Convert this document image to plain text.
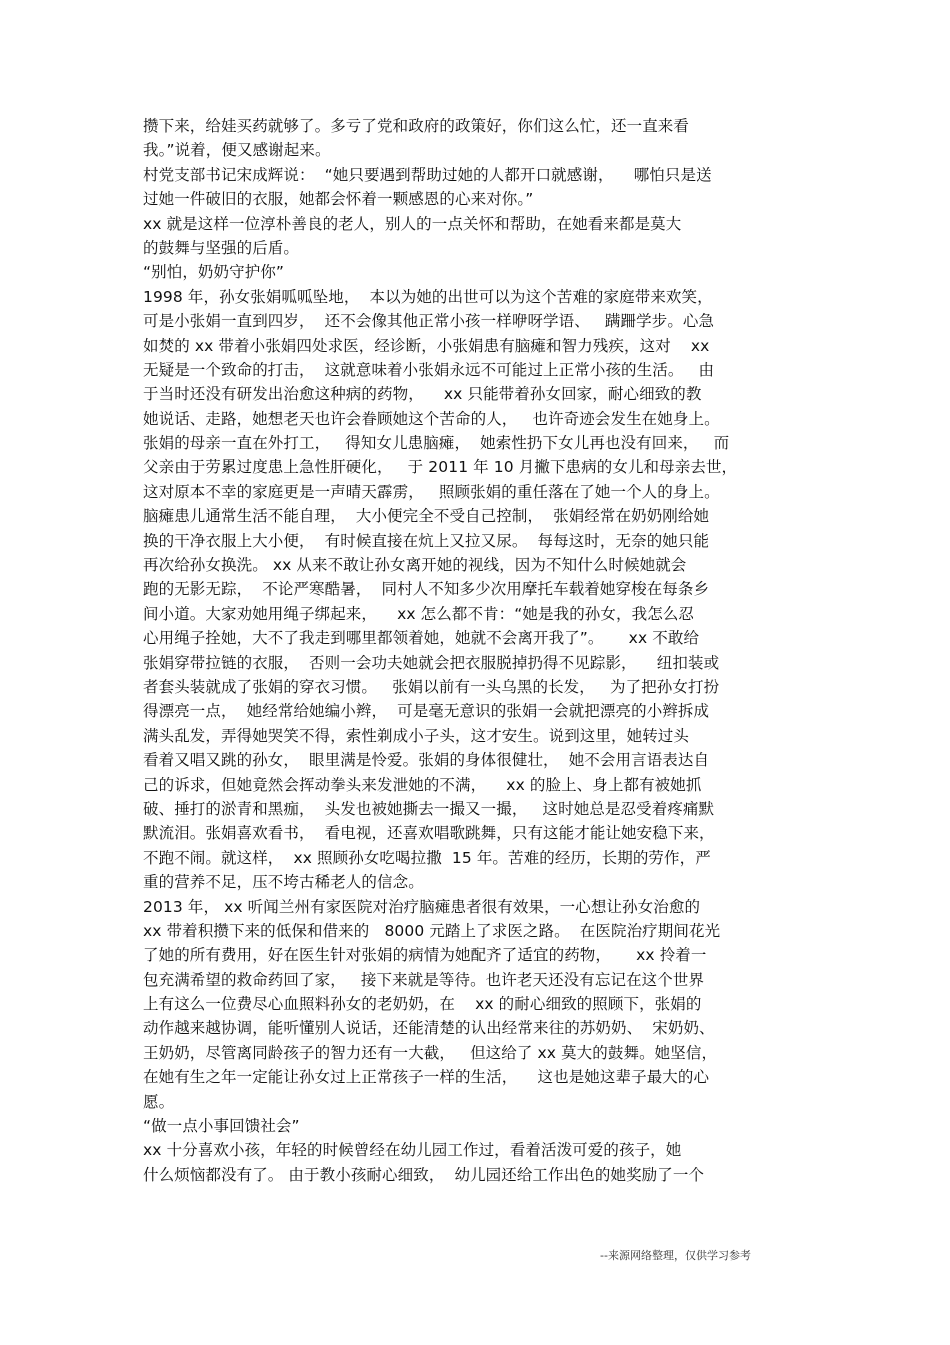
攒下来，给娃买药就够了。多亏了党和政府的政策好，你们这么忙，还一直来看
我。”说着，便又感谢起来。
村党支部书记宋成辉说：  “她只要遇到帮助过她的人都开口就感谢，    哪怕只是送
过她一件破旧的衣服，她都会怀着一颗感恩的心来对你。”
xx 就是这样一位淳朴善良的老人，别人的一点关怀和帮助，在她看来都是莫大
的鼓舞与坚强的后盾。
“别怕，奶奶守护你”
1998 年，孙女张娟呱呱坠地，  本以为她的出世可以为这个苦难的家庭带来欢笑，
可是小张娟一直到四岁，  还不会像其他正常小孩一样咿呀学语、   蹒跚学步。心急
如焚的 xx 带着小张娟四处求医，经诊断，小张娟患有脑瘫和智力残疾，这对    xx
无疑是一个致命的打击，  这就意味着小张娟永远不可能过上正常小孩的生活。   由
于当时还没有研发出治愈这种病的药物，    xx 只能带着孙女回家，耐心细致的教
她说话、走路，她想老天也许会眷顾她这个苦命的人，   也许奇迹会发生在她身上。
张娟的母亲一直在外打工，   得知女儿患脑瘫，  她索性扔下女儿再也没有回来，   而
父亲由于劳累过度患上急性肝硬化，   于 2011 年 10 月撇下患病的女儿和母亲去世，
这对原本不幸的家庭更是一声晴天霹雳，   照顾张娟的重任落在了她一个人的身上。
脑瘫患儿通常生活不能自理，  大小便完全不受自己控制，  张娟经常在奶奶刚给她
换的干净衣服上大小便，  有时候直接在炕上又拉又尿。  每每这时，无奈的她只能
再次给孙女换洗。 xx 从来不敢让孙女离开她的视线，因为不知什么时候她就会
跑的无影无踪，  不论严寒酷暑，  同村人不知多少次用摩托车载着她穿梭在每条乡
间小道。大家劝她用绳子绑起来，    xx 怎么都不肯：“她是我的孙女，我怎么忍
心用绳子拴她，大不了我走到哪里都领着她，她就不会离开我了”。     xx 不敢给
张娟穿带拉链的衣服，  否则一会功夫她就会把衣服脱掉扔得不见踪影，    纽扣装或
者套头装就成了张娟的穿衣习惯。   张娟以前有一头乌黑的长发，   为了把孙女打扮
得漂亮一点，  她经常给她编小辫，  可是毫无意识的张娟一会就把漂亮的小辫拆成
满头乱发，弄得她哭笑不得，索性剃成小子头，这才安生。说到这里，她转过头
看着又唱又跳的孙女，  眼里满是怜爱。张娟的身体很健壮，  她不会用言语表达自
己的诉求，但她竟然会挥动拳头来发泄她的不满，    xx 的脸上、身上都有被她抓
破、捶打的淤青和黑痂，  头发也被她撕去一撮又一撮，   这时她总是忍受着疼痛默
默流泪。张娟喜欢看书，  看电视，还喜欢唱歌跳舞，只有这能才能让她安稳下来，
不跑不闹。就这样，  xx 照顾孙女吃喝拉撒  15 年。苦难的经历，长期的劳作，严
重的营养不足，压不垮古稀老人的信念。
2013 年， xx 听闻兰州有家医院对治疗脑瘫患者很有效果，一心想让孙女治愈的
xx 带着积攒下来的低保和借来的   8000 元踏上了求医之路。  在医院治疗期间花光
了她的所有费用，好在医生针对张娟的病情为她配齐了适宜的药物，     xx 拎着一
包充满希望的救命药回了家，   接下来就是等待。也许老天还没有忘记在这个世界
上有这么一位费尽心血照料孙女的老奶奶，在    xx 的耐心细致的照顾下，张娟的
动作越来越协调，能听懂别人说话，还能清楚的认出经常来往的苏奶奶、  宋奶奶、
王奶奶，尽管离同龄孩子的智力还有一大截，   但这给了 xx 莫大的鼓舞。她坚信，
在她有生之年一定能让孙女过上正常孩子一样的生活，    这也是她这辈子最大的心
愿。
“做一点小事回馈社会”
xx 十分喜欢小孩，年轻的时候曾经在幼儿园工作过，看着活泼可爱的孩子，她
什么烦恼都没有了。 由于教小孩耐心细致，  幼儿园还给工作出色的她奖励了一个
--来源网络整理，仅供学习参考
